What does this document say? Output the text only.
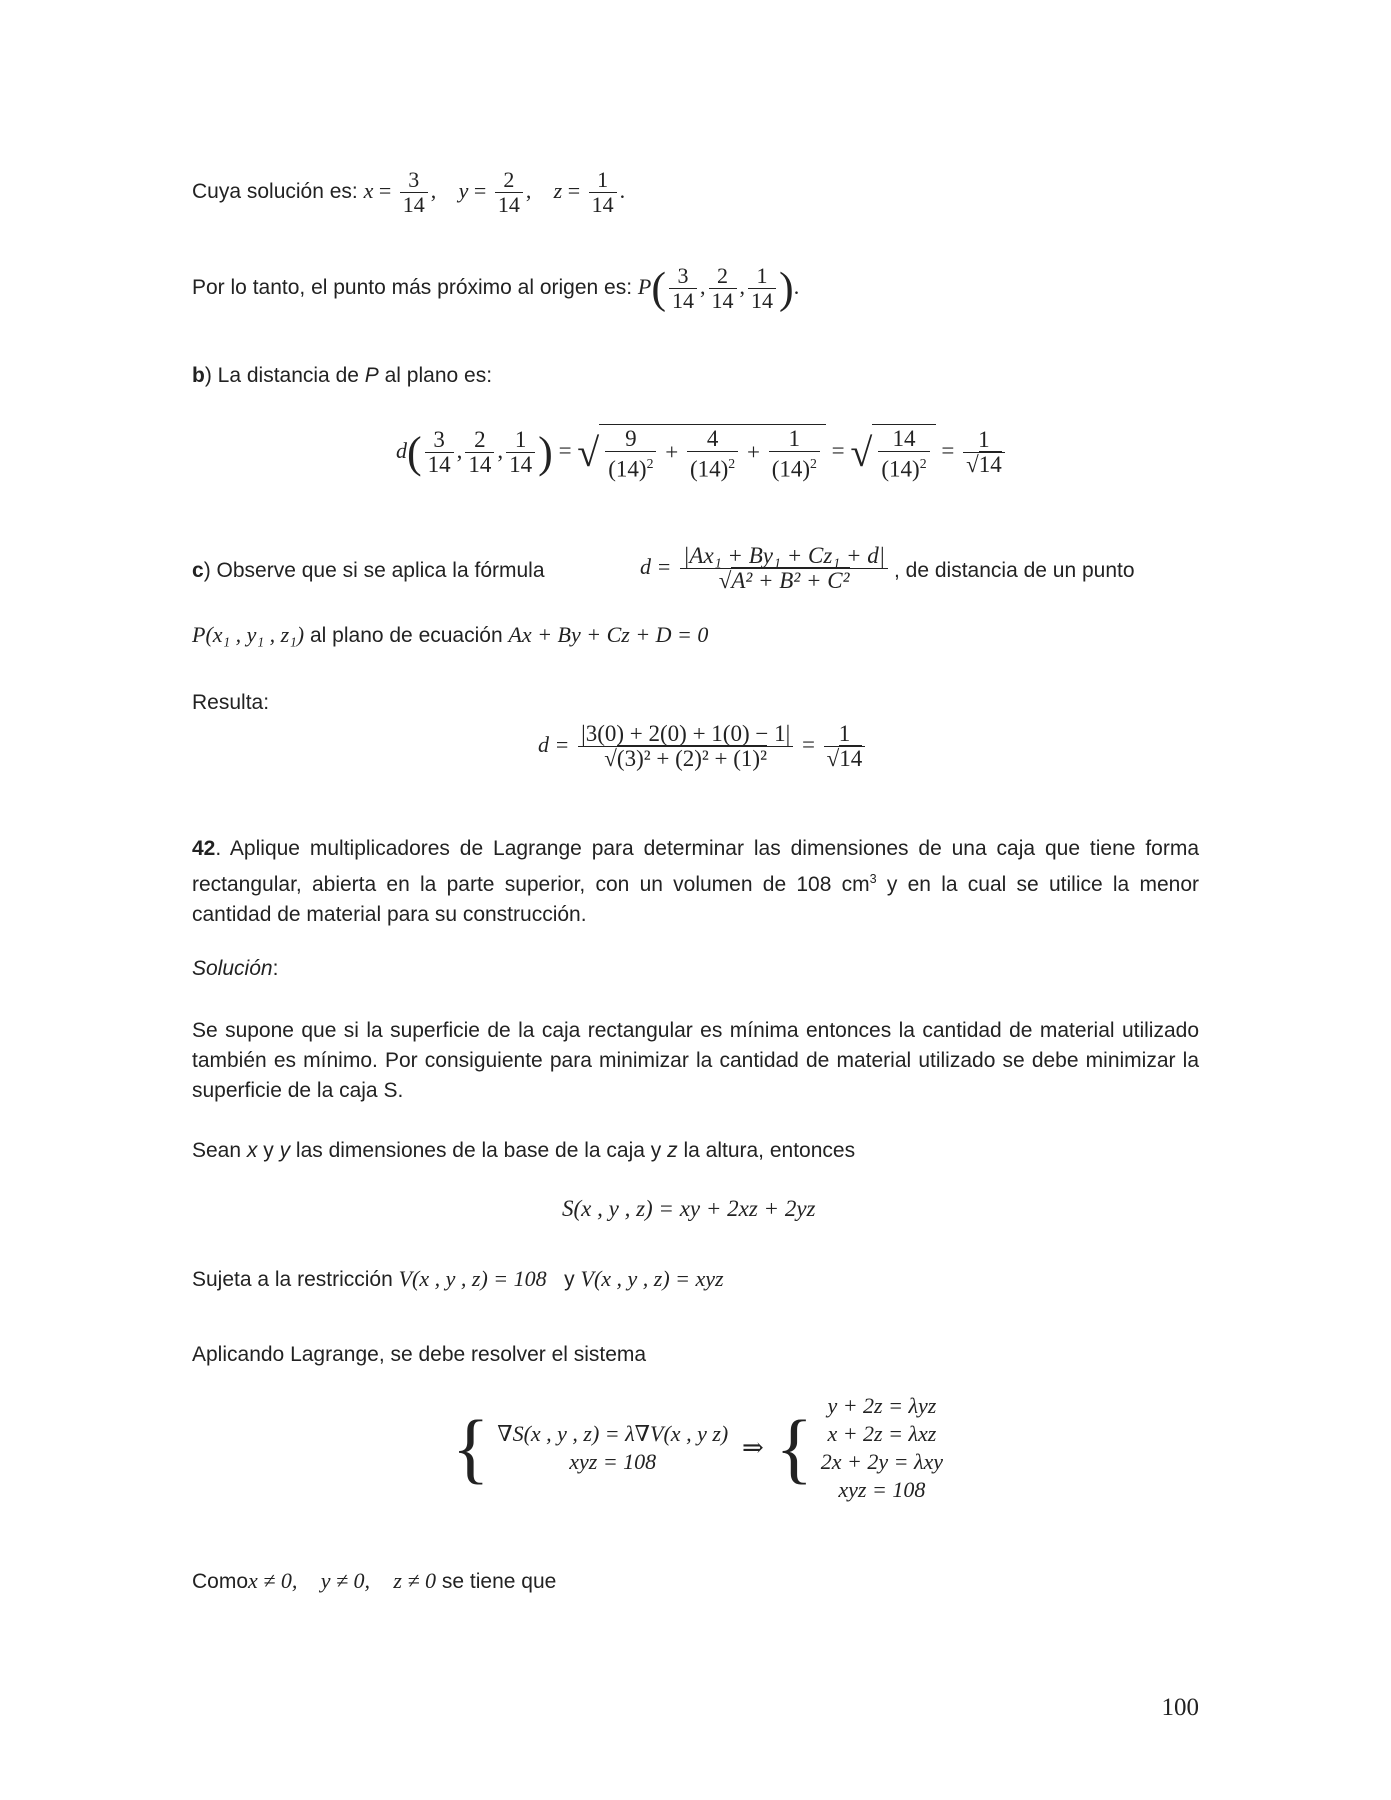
Cuya solución es: $x = \frac{3}{14}$ ,    $y = \frac{2}{14}$ ,    $z = \frac{1}{14}$ .
Por lo tanto, el punto más próximo al origen es: $P( \frac{3}{14}$ , $\frac{2}{14}$ , $\frac{1}{14}$ ).
b) La distancia de P al plano es:
$d( \frac{3}{14}$ , $\frac{2}{14}$ , $\frac{1}{14}$ ) = √ $\frac{9}{(14)^2} + \frac{4}{(14)^2} + \frac{1}{(14)^2}$ = √ $\frac{14}{(14)^2} = \frac{1}{√14}$
c) Observe que si se aplica la fórmula	$d = \frac{\text{|Ax₁ + By₁ + Cz₁ + d|}}{\text{√A² + B² + C²}}$ , de distancia de un punto
P(x₁ , y₁ , z₁) al plano de ecuación Ax + By + Cz + D = 0
Resulta:
$d = \frac{|3(0) + 2(0) + 1(0) - 1|}{\text{√(3)² + (2)² + (1)²}} = \frac{1}{√14}$
42. Aplique multiplicadores de Lagrange para determinar las dimensiones de una caja que tiene forma rectangular, abierta en la parte superior, con un volumen de 108 $cm^3$ y en la cual se utilice la menor cantidad de material para su construcción.
Solución:
Se supone que si la superficie de la caja rectangular es mínima entonces la cantidad de material utilizado también es mínimo. Por consiguiente para minimizar la cantidad de material utilizado se debe minimizar la superficie de la caja S.
Sean x y y las dimensiones de la base de la caja y z la altura, entonces
S(x , y , z) = xy + 2xz + 2yz
Sujeta a la restricción V(x , y , z) = 108 y V(x , y , z) = xyz
Aplicando Lagrange, se debe resolver el sistema
{ ∇S(x , y , z) = λ∇V(x , y z)
xyz = 108	⇒ { y + 2z = λyz
x + 2z = λxz
2x + 2y = λxy
xyz = 108
Comox ≠ 0, y ≠ 0, z ≠ 0 se tiene que
100
